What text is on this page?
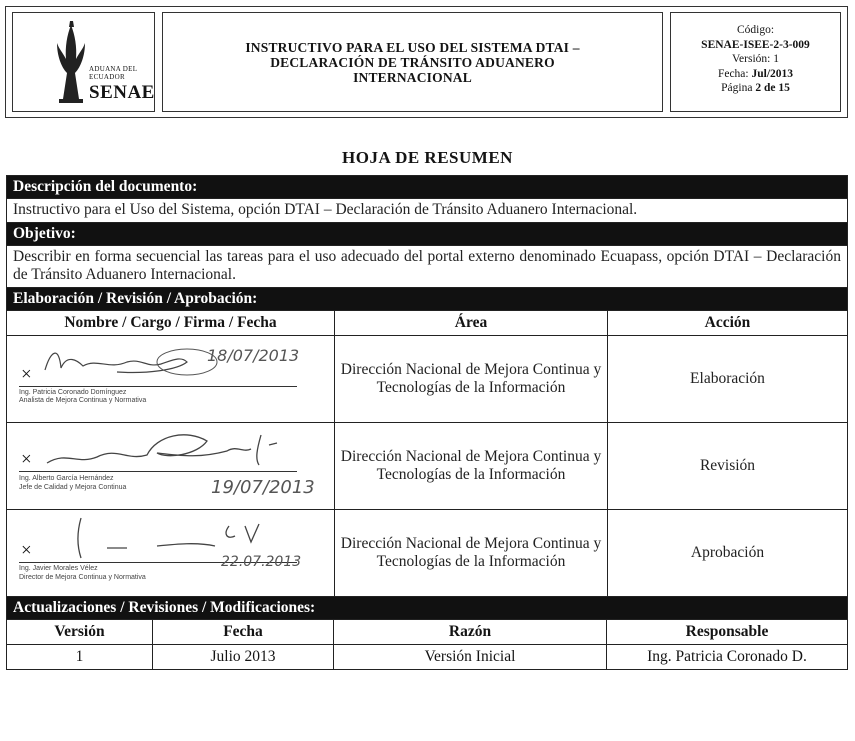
ADUANA DEL
ECUADOR
SENAE
INSTRUCTIVO PARA EL USO DEL SISTEMA DTAI – DECLARACIÓN DE TRÁNSITO ADUANERO INTERNACIONAL
Código:
SENAE-ISEE-2-3-009
Versión: 1
Fecha: Jul/2013
Página 2 de 15
HOJA DE RESUMEN
Descripción del documento:
Instructivo para el Uso del Sistema, opción DTAI – Declaración de Tránsito Aduanero Internacional.
Objetivo:
Describir en forma secuencial las tareas para el uso adecuado del portal externo denominado Ecuapass, opción DTAI – Declaración de Tránsito Aduanero Internacional.
Elaboración / Revisión / Aprobación:
Nombre / Cargo / Firma / Fecha	Área	Acción

18/07/2013
×
Ing. Patricia Coronado Domínguez
Analista de Mejora Continua y Normativa	Dirección Nacional de Mejora Continua y Tecnologías de la Información	Elaboración

×
Ing. Alberto García Hernández
Jefe de Calidad y Mejora Continua 19/07/2013	Dirección Nacional de Mejora Continua y Tecnologías de la Información	Revisión

×
Ing. Javier Morales Vélez
Director de Mejora Continua y Normativa
22.07.2013	Dirección Nacional de Mejora Continua y Tecnologías de la Información	Aprobación
Actualizaciones / Revisiones / Modificaciones:
Versión	Fecha	Razón	Responsable
1	Julio 2013	Versión Inicial	Ing. Patricia Coronado D.
